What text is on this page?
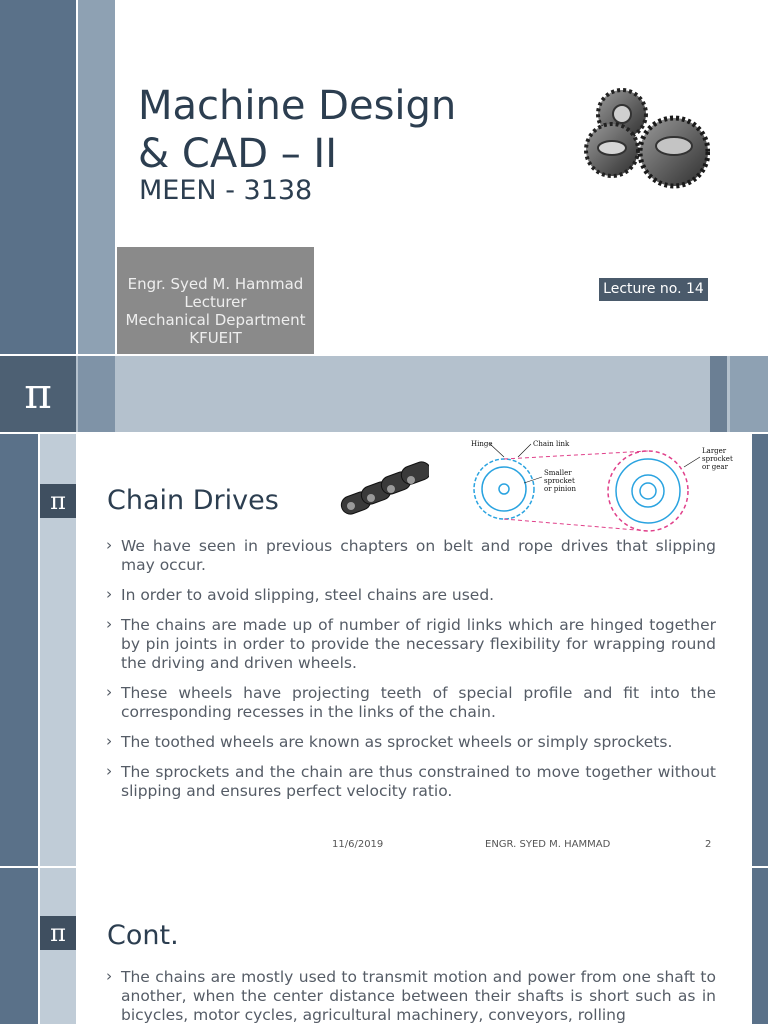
Machine Design
& CAD – II
MEEN - 3138
Engr. Syed M. Hammad
Lecturer
Mechanical Department
KFUEIT
Lecture no. 14
π
π	Chain Drives
Hinge	Chain link
Smaller
sprocket
or pinion
Larger
sprocket
or gear
› We have seen in previous chapters on belt and rope drives that slipping may occur.
› In order to avoid slipping, steel chains are used.
› The chains are made up of number of rigid links which are hinged together by pin joints in order to provide the necessary flexibility for wrapping round the driving and driven wheels.
› These wheels have projecting teeth of special profile and fit into the corresponding recesses in the links of the chain.
› The toothed wheels are known as sprocket wheels or simply sprockets.
› The sprockets and the chain are thus constrained to move together without slipping and ensures perfect velocity ratio.
11/6/2019	ENGR. SYED M. HAMMAD	2
π	Cont.
› The chains are mostly used to transmit motion and power from one shaft to another, when the center distance between their shafts is short such as in bicycles, motor cycles, agricultural machinery, conveyors, rolling
